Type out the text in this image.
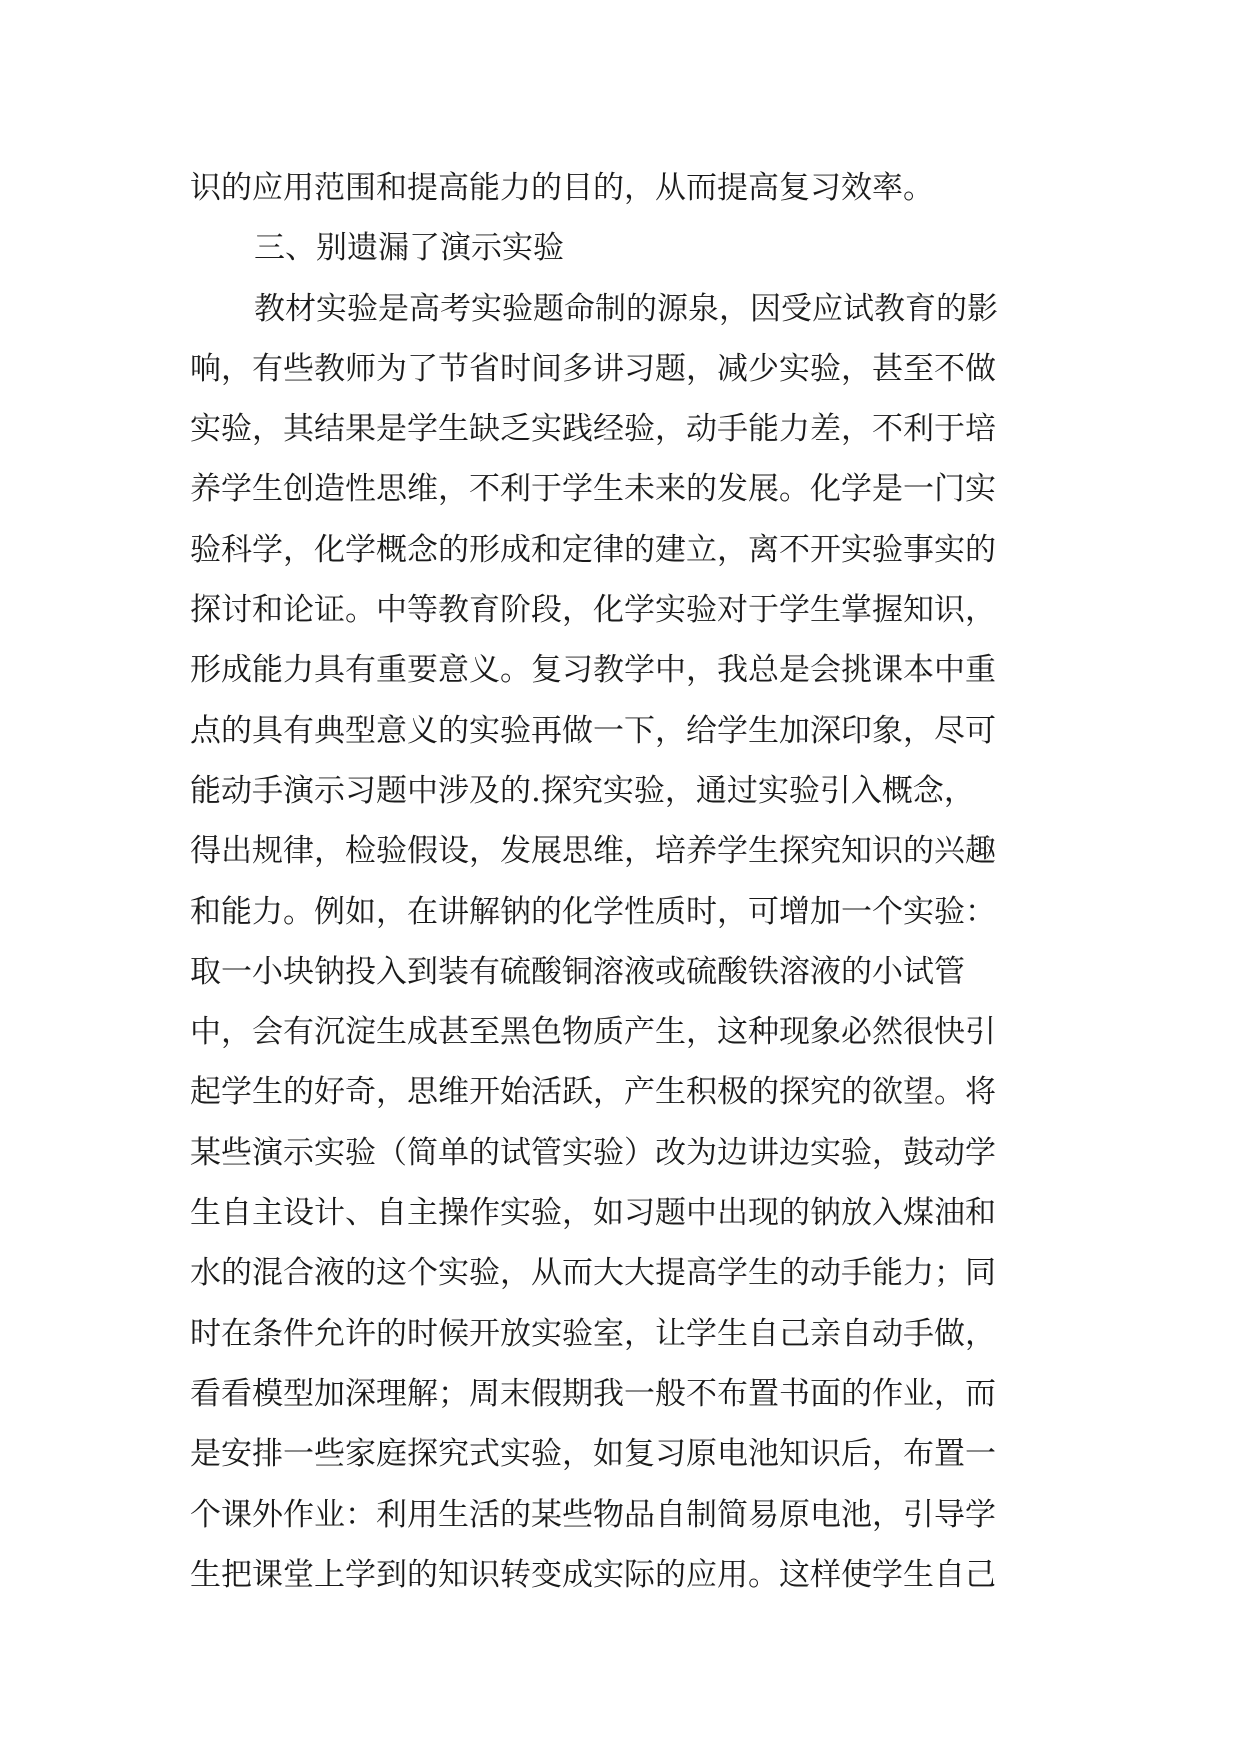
识的应用范围和提高能力的目的，从而提高复习效率。
三、别遗漏了演示实验
教材实验是高考实验题命制的源泉，因受应试教育的影
响，有些教师为了节省时间多讲习题，减少实验，甚至不做
实验，其结果是学生缺乏实践经验，动手能力差，不利于培
养学生创造性思维，不利于学生未来的发展。化学是一门实
验科学，化学概念的形成和定律的建立，离不开实验事实的
探讨和论证。中等教育阶段，化学实验对于学生掌握知识，
形成能力具有重要意义。复习教学中，我总是会挑课本中重
点的具有典型意义的实验再做一下，给学生加深印象，尽可
能动手演示习题中涉及的.探究实验，通过实验引入概念，
得出规律，检验假设，发展思维，培养学生探究知识的兴趣
和能力。例如，在讲解钠的化学性质时，可增加一个实验：
取一小块钠投入到装有硫酸铜溶液或硫酸铁溶液的小试管
中，会有沉淀生成甚至黑色物质产生，这种现象必然很快引
起学生的好奇，思维开始活跃，产生积极的探究的欲望。将
某些演示实验（简单的试管实验）改为边讲边实验，鼓动学
生自主设计、自主操作实验，如习题中出现的钠放入煤油和
水的混合液的这个实验，从而大大提高学生的动手能力；同
时在条件允许的时候开放实验室，让学生自己亲自动手做，
看看模型加深理解；周末假期我一般不布置书面的作业，而
是安排一些家庭探究式实验，如复习原电池知识后，布置一
个课外作业：利用生活的某些物品自制简易原电池，引导学
生把课堂上学到的知识转变成实际的应用。这样使学生自己
